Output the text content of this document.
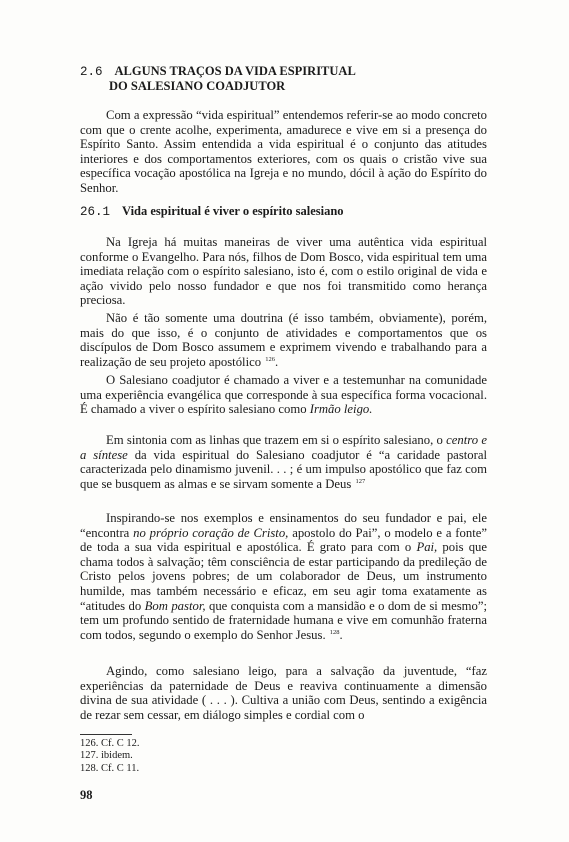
2.6 ALGUNS TRAÇOS DA VIDA ESPIRITUAL
DO SALESIANO COADJUTOR

Com a expressão “vida espiritual” entendemos referir-se ao modo concreto com que o crente acolhe, experimenta, amadurece e vive em si a presença do Espírito Santo. Assim entendida a vida espiritual é o conjunto das atitudes interiores e dos comportamentos exteriores, com os quais o cristão vive sua específica vocação apostólica na Igreja e no mundo, dócil à ação do Espírito do Senhor.

26.1 Vida espiritual é viver o espírito salesiano

Na Igreja há muitas maneiras de viver uma autêntica vida espiritual conforme o Evangelho. Para nós, filhos de Dom Bosco, vida espiritual tem uma imediata relação com o espírito salesiano, isto é, com o estilo original de vida e ação vivido pelo nosso fundador e que nos foi transmitido como herança preciosa.

Não é tão somente uma doutrina (é isso também, obviamente), porém, mais do que isso, é o conjunto de atividades e comportamentos que os discípulos de Dom Bosco assumem e exprimem vivendo e trabalhando para a realização de seu projeto apostólico $^{126}$.

O Salesiano coadjutor é chamado a viver e a testemunhar na comunidade uma experiência evangélica que corresponde à sua específica forma vocacional. É chamado a viver o espírito salesiano como Irmão leigo.

Em sintonia com as linhas que trazem em si o espírito salesiano, o centro e a síntese da vida espiritual do Salesiano coadjutor é “a caridade pastoral caracterizada pelo dinamismo juvenil. . . ; é um impulso apostólico que faz com que se busquem as almas e se sirvam somente a Deus $^{127}$

Inspirando-se nos exemplos e ensinamentos do seu fundador e pai, ele “encontra no próprio coração de Cristo, apostolo do Pai”, o modelo e a fonte” de toda a sua vida espiritual e apostólica. É grato para com o Pai, pois que chama todos à salvação; têm consciência de estar participando da predileção de Cristo pelos jovens pobres; de um colaborador de Deus, um instrumento humilde, mas também necessário e eficaz, em seu agir toma exatamente as “atitudes do Bom pastor, que conquista com a mansidão e o dom de si mesmo”; tem um profundo sentido de fraternidade humana e vive em comunhão fraterna com todos, segundo o exemplo do Senhor Jesus. $^{128}$.

Agindo, como salesiano leigo, para a salvação da juventude, “faz experiências da paternidade de Deus e reaviva continuamente a dimensão divina de sua atividade ( . . . ). Cultiva a união com Deus, sentindo a exigência de rezar sem cessar, em diálogo simples e cordial com o

126. Cf. C 12.
127. ibidem.
128. Cf. C 11.
98
